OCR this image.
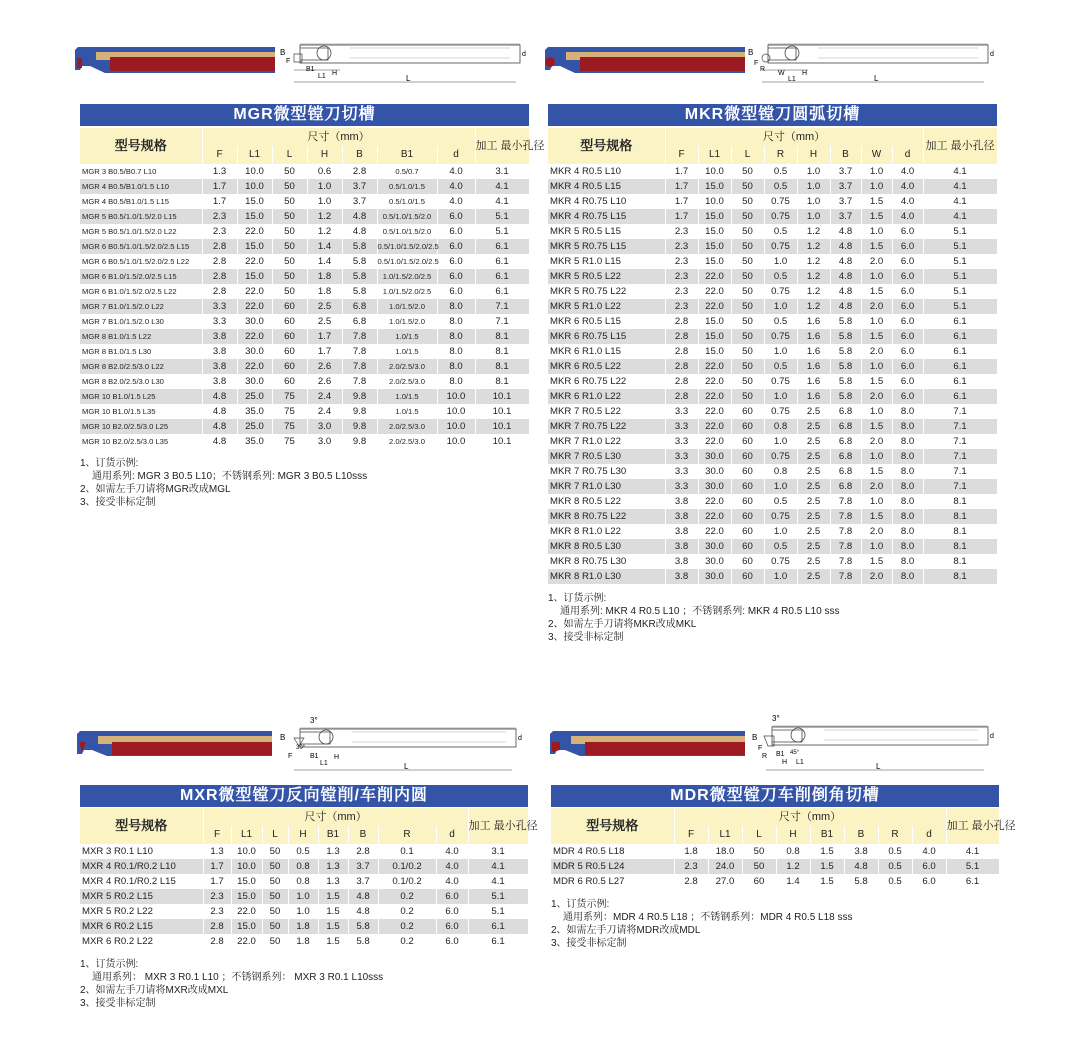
B
F
B1
L1 H
L
d
MGR微型镗刀切槽
型号规格	尺寸（mm）							加工 最小孔径
	F	L1	L	H	B	B1	d	
MGR 3 B0.5/B0.7 L10	1.3	10.0	50	0.6	2.8	0.5/0.7	4.0	3.1
MGR 4 B0.5/B1.0/1.5 L10	1.7	10.0	50	1.0	3.7	0.5/1.0/1.5	4.0	4.1
MGR 4 B0.5/B1.0/1.5 L15	1.7	15.0	50	1.0	3.7	0.5/1.0/1.5	4.0	4.1
MGR 5 B0.5/1.0/1.5/2.0 L15	2.3	15.0	50	1.2	4.8	0.5/1.0/1.5/2.0	6.0	5.1
MGR 5 B0.5/1.0/1.5/2.0 L22	2.3	22.0	50	1.2	4.8	0.5/1.0/1.5/2.0	6.0	5.1
MGR 6 B0.5/1.0/1.5/2.0/2.5 L15	2.8	15.0	50	1.4	5.8	0.5/1.0/1.5/2.0/2.5	6.0	6.1
MGR 6 B0.5/1.0/1.5/2.0/2.5 L22	2.8	22.0	50	1.4	5.8	0.5/1.0/1.5/2.0/2.5	6.0	6.1
MGR 6 B1.0/1.5/2.0/2.5 L15	2.8	15.0	50	1.8	5.8	1.0/1.5/2.0/2.5	6.0	6.1
MGR 6 B1.0/1.5/2.0/2.5 L22	2.8	22.0	50	1.8	5.8	1.0/1.5/2.0/2.5	6.0	6.1
MGR 7 B1.0/1.5/2.0 L22	3.3	22.0	60	2.5	6.8	1.0/1.5/2.0	8.0	7.1
MGR 7 B1.0/1.5/2.0 L30	3.3	30.0	60	2.5	6.8	1.0/1.5/2.0	8.0	7.1
MGR 8 B1.0/1.5 L22	3.8	22.0	60	1.7	7.8	1.0/1.5	8.0	8.1
MGR 8 B1.0/1.5 L30	3.8	30.0	60	1.7	7.8	1.0/1.5	8.0	8.1
MGR 8 B2.0/2.5/3.0 L22	3.8	22.0	60	2.6	7.8	2.0/2.5/3.0	8.0	8.1
MGR 8 B2.0/2.5/3.0 L30	3.8	30.0	60	2.6	7.8	2.0/2.5/3.0	8.0	8.1
MGR 10 B1.0/1.5 L25	4.8	25.0	75	2.4	9.8	1.0/1.5	10.0	10.1
MGR 10 B1.0/1.5 L35	4.8	35.0	75	2.4	9.8	1.0/1.5	10.0	10.1
MGR 10 B2.0/2.5/3.0 L25	4.8	25.0	75	3.0	9.8	2.0/2.5/3.0	10.0	10.1
MGR 10 B2.0/2.5/3.0 L35	4.8	35.0	75	3.0	9.8	2.0/2.5/3.0	10.0	10.1
1、订货示例:
通用系列: MGR 3 B0.5 L10；不锈钢系列: MGR 3 B0.5 L10sss
2、如需左手刀请将MGR改成MGL
3、接受非标定制
B
F
R
W
L1
H
L
d
MKR微型镗刀圆弧切槽
型号规格	尺寸（mm）								加工 最小孔径
	F	L1	L	R	H	B	W	d	
MKR 4 R0.5 L10	1.7	10.0	50	0.5	1.0	3.7	1.0	4.0	4.1
MKR 4 R0.5 L15	1.7	15.0	50	0.5	1.0	3.7	1.0	4.0	4.1
MKR 4 R0.75 L10	1.7	10.0	50	0.75	1.0	3.7	1.5	4.0	4.1
MKR 4 R0.75 L15	1.7	15.0	50	0.75	1.0	3.7	1.5	4.0	4.1
MKR 5 R0.5 L15	2.3	15.0	50	0.5	1.2	4.8	1.0	6.0	5.1
MKR 5 R0.75 L15	2.3	15.0	50	0.75	1.2	4.8	1.5	6.0	5.1
MKR 5 R1.0 L15	2.3	15.0	50	1.0	1.2	4.8	2.0	6.0	5.1
MKR 5 R0.5 L22	2.3	22.0	50	0.5	1.2	4.8	1.0	6.0	5.1
MKR 5 R0.75 L22	2.3	22.0	50	0.75	1.2	4.8	1.5	6.0	5.1
MKR 5 R1.0 L22	2.3	22.0	50	1.0	1.2	4.8	2.0	6.0	5.1
MKR 6 R0.5 L15	2.8	15.0	50	0.5	1.6	5.8	1.0	6.0	6.1
MKR 6 R0.75 L15	2.8	15.0	50	0.75	1.6	5.8	1.5	6.0	6.1
MKR 6 R1.0 L15	2.8	15.0	50	1.0	1.6	5.8	2.0	6.0	6.1
MKR 6 R0.5 L22	2.8	22.0	50	0.5	1.6	5.8	1.0	6.0	6.1
MKR 6 R0.75 L22	2.8	22.0	50	0.75	1.6	5.8	1.5	6.0	6.1
MKR 6 R1.0 L22	2.8	22.0	50	1.0	1.6	5.8	2.0	6.0	6.1
MKR 7 R0.5 L22	3.3	22.0	60	0.75	2.5	6.8	1.0	8.0	7.1
MKR 7 R0.75 L22	3.3	22.0	60	0.8	2.5	6.8	1.5	8.0	7.1
MKR 7 R1.0 L22	3.3	22.0	60	1.0	2.5	6.8	2.0	8.0	7.1
MKR 7 R0.5 L30	3.3	30.0	60	0.75	2.5	6.8	1.0	8.0	7.1
MKR 7 R0.75 L30	3.3	30.0	60	0.8	2.5	6.8	1.5	8.0	7.1
MKR 7 R1.0 L30	3.3	30.0	60	1.0	2.5	6.8	2.0	8.0	7.1
MKR 8 R0.5 L22	3.8	22.0	60	0.5	2.5	7.8	1.0	8.0	8.1
MKR 8 R0.75 L22	3.8	22.0	60	0.75	2.5	7.8	1.5	8.0	8.1
MKR 8 R1.0 L22	3.8	22.0	60	1.0	2.5	7.8	2.0	8.0	8.1
MKR 8 R0.5 L30	3.8	30.0	60	0.5	2.5	7.8	1.0	8.0	8.1
MKR 8 R0.75 L30	3.8	30.0	60	0.75	2.5	7.8	1.5	8.0	8.1
MKR 8 R1.0 L30	3.8	30.0	60	1.0	2.5	7.8	2.0	8.0	8.1
1、订货示例:
通用系列: MKR 4 R0.5 L10 ；不锈钢系列: MKR 4 R0.5 L10 sss
2、如需左手刀请将MKR改成MKL
3、接受非标定制
3°
B
30°
F	B1
L1
H
L
d
MXR微型镗刀反向镗削/车削内圆
型号规格	尺寸（mm）								加工 最小孔径
	F	L1	L	H	B1	B	R	d	
MXR 3 R0.1 L10	1.3	10.0	50	0.5	1.3	2.8	0.1	4.0	3.1
MXR 4 R0.1/R0.2 L10	1.7	10.0	50	0.8	1.3	3.7	0.1/0.2	4.0	4.1
MXR 4 R0.1/R0.2 L15	1.7	15.0	50	0.8	1.3	3.7	0.1/0.2	4.0	4.1
MXR 5 R0.2 L15	2.3	15.0	50	1.0	1.5	4.8	0.2	6.0	5.1
MXR 5 R0.2 L22	2.3	22.0	50	1.0	1.5	4.8	0.2	6.0	5.1
MXR 6 R0.2 L15	2.8	15.0	50	1.8	1.5	5.8	0.2	6.0	6.1
MXR 6 R0.2 L22	2.8	22.0	50	1.8	1.5	5.8	0.2	6.0	6.1
1、订货示例:
通用系列： MXR 3 R0.1 L10 ；不锈钢系列： MXR 3 R0.1 L10sss
2、如需左手刀请将MXR改成MXL
3、接受非标定制
3°
B
F
R B1 45°
L1
H	L
d
MDR微型镗刀车削倒角切槽
型号规格	尺寸（mm）								加工 最小孔径
	F	L1	L	H	B1	B	R	d	
MDR 4 R0.5 L18	1.8	18.0	50	0.8	1.5	3.8	0.5	4.0	4.1
MDR 5 R0.5 L24	2.3	24.0	50	1.2	1.5	4.8	0.5	6.0	5.1
MDR 6 R0.5 L27	2.8	27.0	60	1.4	1.5	5.8	0.5	6.0	6.1
1、订货示例:
通用系列：MDR 4 R0.5 L18 ；不锈钢系列：MDR 4 R0.5 L18 sss
2、如需左手刀请将MDR改成MDL
3、接受非标定制
